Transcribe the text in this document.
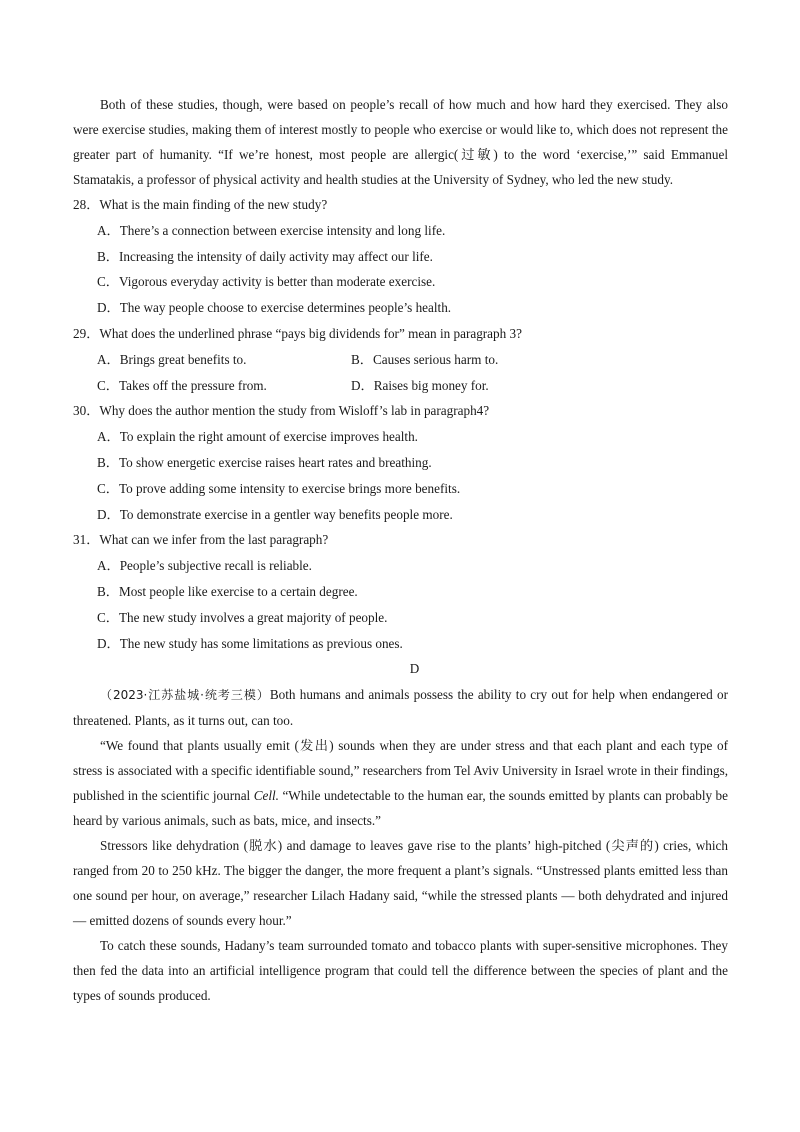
Both of these studies, though, were based on people’s recall of how much and how hard they exercised. They also were exercise studies, making them of interest mostly to people who exercise or would like to, which does not represent the greater part of humanity. “If we’re honest, most people are allergic(过敏) to the word ‘exercise,’” said Emmanuel Stamatakis, a professor of physical activity and health studies at the University of Sydney, who led the new study.

28．What is the main finding of the new study?

A．There’s a connection between exercise intensity and long life.

B．Increasing the intensity of daily activity may affect our life.

C．Vigorous everyday activity is better than moderate exercise.

D．The way people choose to exercise determines people’s health.

29．What does the underlined phrase “pays big dividends for” mean in paragraph 3?

A．Brings great benefits to.	B．Causes serious harm to.
C．Takes off the pressure from.	D．Raises big money for.

30．Why does the author mention the study from Wisloff’s lab in paragraph4?

A．To explain the right amount of exercise improves health.

B．To show energetic exercise raises heart rates and breathing.

C．To prove adding some intensity to exercise brings more benefits.

D．To demonstrate exercise in a gentler way benefits people more.

31．What can we infer from the last paragraph?

A．People’s subjective recall is reliable.

B．Most people like exercise to a certain degree.

C．The new study involves a great majority of people.

D．The new study has some limitations as previous ones.

D

（2023·江苏盐城·统考三模）Both humans and animals possess the ability to cry out for help when endangered or threatened. Plants, as it turns out, can too.

“We found that plants usually emit (发出) sounds when they are under stress and that each plant and each type of stress is associated with a specific identifiable sound,” researchers from Tel Aviv University in Israel wrote in their findings, published in the scientific journal Cell. “While undetectable to the human ear, the sounds emitted by plants can probably be heard by various animals, such as bats, mice, and insects.”

Stressors like dehydration (脱水) and damage to leaves gave rise to the plants’ high-pitched (尖声的) cries, which ranged from 20 to 250 kHz. The bigger the danger, the more frequent a plant’s signals. “Unstressed plants emitted less than one sound per hour, on average,” researcher Lilach Hadany said, “while the stressed plants — both dehydrated and injured — emitted dozens of sounds every hour.”

To catch these sounds, Hadany’s team surrounded tomato and tobacco plants with super-sensitive microphones. They then fed the data into an artificial intelligence program that could tell the difference between the species of plant and the types of sounds produced.
